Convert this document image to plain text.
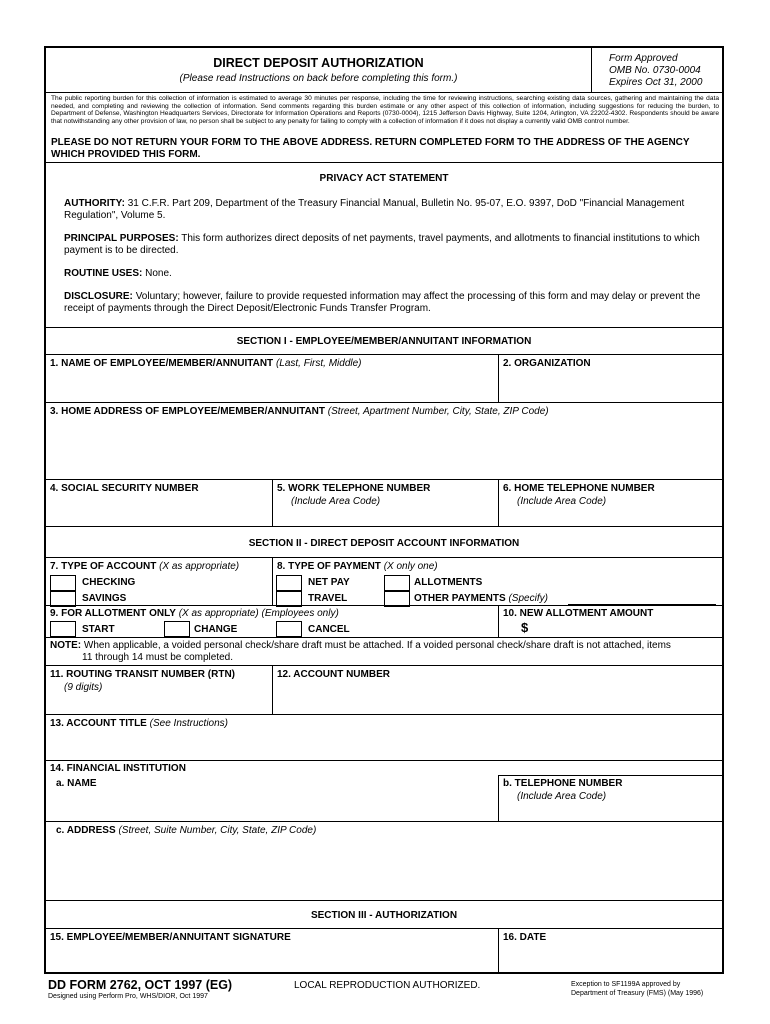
DIRECT DEPOSIT AUTHORIZATION
(Please read Instructions on back before completing this form.)
Form Approved
OMB No. 0730-0004
Expires Oct 31, 2000
The public reporting burden for this collection of information is estimated to average 30 minutes per response, including the time for reviewing instructions, searching existing data sources, gathering and maintaining the data needed, and completing and reviewing the collection of information. Send comments regarding this burden estimate or any other aspect of this collection of information, including suggestions for reducing the burden, to Department of Defense, Washington Headquarters Services, Directorate for Information Operations and Reports (0730-0004), 1215 Jefferson Davis Highway, Suite 1204, Arlington, VA 22202-4302. Respondents should be aware that notwithstanding any other provision of law, no person shall be subject to any penalty for failing to comply with a collection of information if it does not display a currently valid OMB control number.
PLEASE DO NOT RETURN YOUR FORM TO THE ABOVE ADDRESS. RETURN COMPLETED FORM TO THE ADDRESS OF THE AGENCY WHICH PROVIDED THIS FORM.
PRIVACY ACT STATEMENT
AUTHORITY: 31 C.F.R. Part 209, Department of the Treasury Financial Manual, Bulletin No. 95-07, E.O. 9397, DoD "Financial Management Regulation", Volume 5.
PRINCIPAL PURPOSES: This form authorizes direct deposits of net payments, travel payments, and allotments to financial institutions to which payment is to be directed.
ROUTINE USES: None.
DISCLOSURE: Voluntary; however, failure to provide requested information may affect the processing of this form and may delay or prevent the receipt of payments through the Direct Deposit/Electronic Funds Transfer Program.
SECTION I - EMPLOYEE/MEMBER/ANNUITANT INFORMATION
1. NAME OF EMPLOYEE/MEMBER/ANNUITANT (Last, First, Middle)	2. ORGANIZATION
3. HOME ADDRESS OF EMPLOYEE/MEMBER/ANNUITANT (Street, Apartment Number, City, State, ZIP Code)
4. SOCIAL SECURITY NUMBER	5. WORK TELEPHONE NUMBER
(Include Area Code)
6. HOME TELEPHONE NUMBER
(Include Area Code)
SECTION II - DIRECT DEPOSIT ACCOUNT INFORMATION
7. TYPE OF ACCOUNT (X as appropriate)
CHECKING
SAVINGS
8. TYPE OF PAYMENT (X only one)
NET PAY
TRAVEL
ALLOTMENTS
OTHER PAYMENTS (Specify)
9. FOR ALLOTMENT ONLY (X as appropriate) (Employees only)
START	CHANGE	CANCEL
10. NEW ALLOTMENT AMOUNT
$
NOTE: When applicable, a voided personal check/share draft must be attached. If a voided personal check/share draft is not attached, items
11 through 14 must be completed.
11. ROUTING TRANSIT NUMBER (RTN)
(9 digits)
12. ACCOUNT NUMBER
13. ACCOUNT TITLE (See Instructions)
14. FINANCIAL INSTITUTION
a. NAME	b. TELEPHONE NUMBER
(Include Area Code)
c. ADDRESS (Street, Suite Number, City, State, ZIP Code)
SECTION III - AUTHORIZATION
15. EMPLOYEE/MEMBER/ANNUITANT SIGNATURE	16. DATE
DD FORM 2762, OCT 1997 (EG)
Designed using Perform Pro, WHS/DIOR, Oct 1997
LOCAL REPRODUCTION AUTHORIZED.	Exception to SF1199A approved by
Department of Treasury (FMS) (May 1996)
